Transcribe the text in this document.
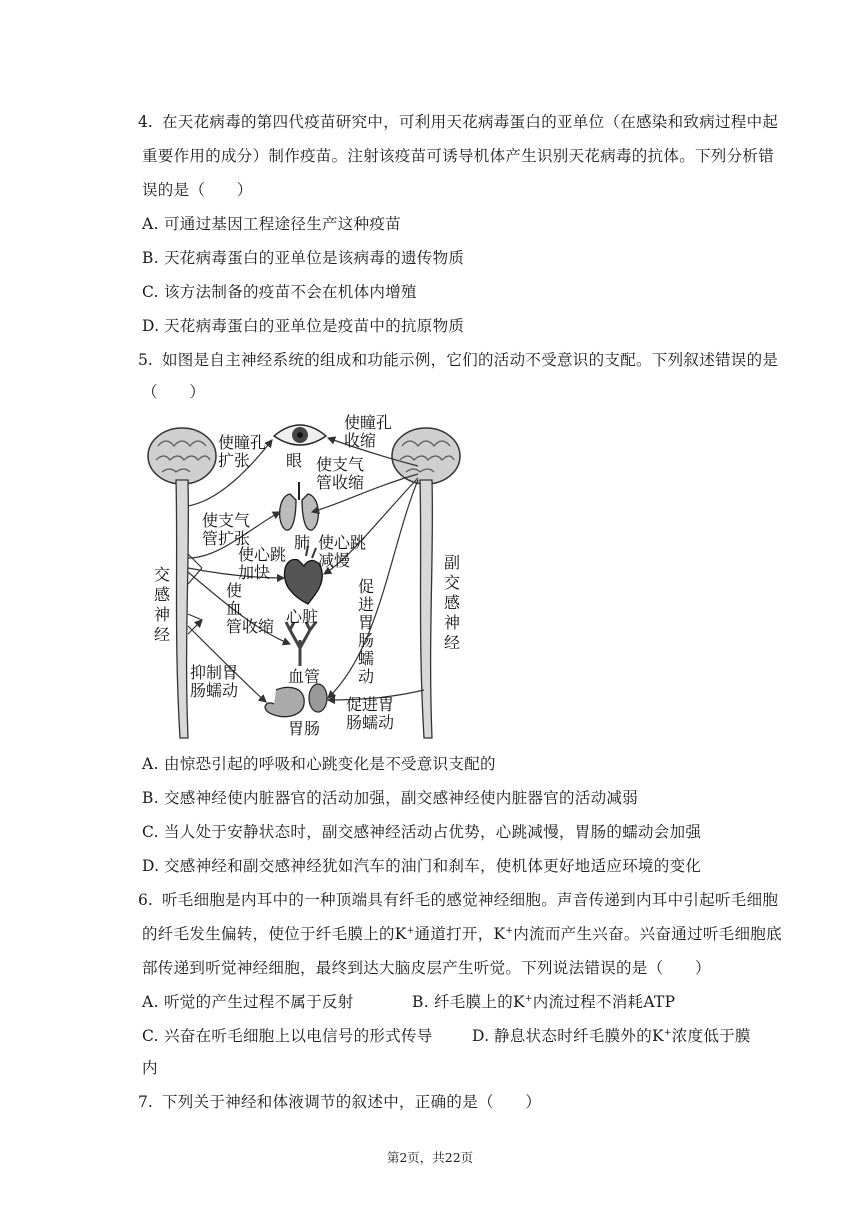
4. 在天花病毒的第四代疫苗研究中，可利用天花病毒蛋白的亚单位（在感染和致病过程中起
重要作用的成分）制作疫苗。注射该疫苗可诱导机体产生识别天花病毒的抗体。下列分析错
误的是（　　）
A. 可通过基因工程途径生产这种疫苗
B. 天花病毒蛋白的亚单位是该病毒的遗传物质
C. 该方法制备的疫苗不会在机体内增殖
D. 天花病毒蛋白的亚单位是疫苗中的抗原物质
5. 如图是自主神经系统的组成和功能示例，它们的活动不受意识的支配。下列叙述错误的是
（　　）
眼
肺
心脏
血管
胃肠
使瞳孔扩张
使支气管扩张
使心跳加快
使血管收缩
抑制胃肠蠕动
使瞳孔收缩
使支气管收缩
使心跳减慢
促进胃肠蠕动
促进胃肠蠕动
交感神经
副交感神经
A. 由惊恐引起的呼吸和心跳变化是不受意识支配的
B. 交感神经使内脏器官的活动加强，副交感神经使内脏器官的活动减弱
C. 当人处于安静状态时，副交感神经活动占优势，心跳减慢，胃肠的蠕动会加强
D. 交感神经和副交感神经犹如汽车的油门和刹车，使机体更好地适应环境的变化
6. 听毛细胞是内耳中的一种顶端具有纤毛的感觉神经细胞。声音传递到内耳中引起听毛细胞
的纤毛发生偏转，使位于纤毛膜上的K+通道打开，K+内流而产生兴奋。兴奋通过听毛细胞底
部传递到听觉神经细胞，最终到达大脑皮层产生听觉。下列说法错误的是（　　）
A. 听觉的产生过程不属于反射	B. 纤毛膜上的K+内流过程不消耗ATP
C. 兴奋在听毛细胞上以电信号的形式传导	D. 静息状态时纤毛膜外的K+浓度低于膜
内
7. 下列关于神经和体液调节的叙述中，正确的是（　　）
第2页，共22页
